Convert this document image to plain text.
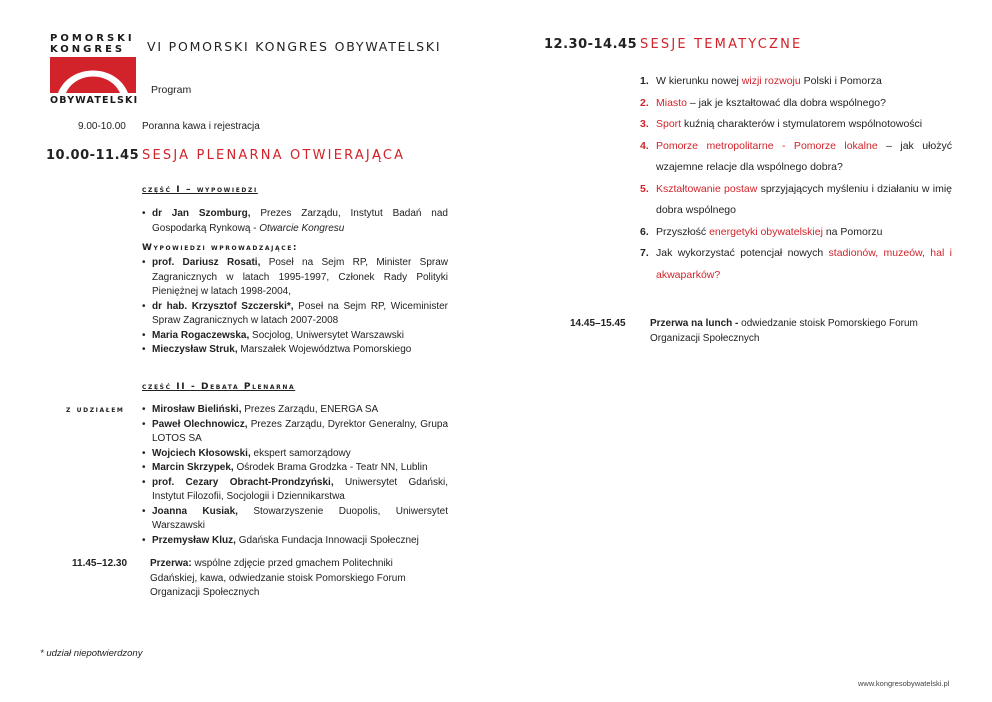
POMORSKI
KONGRES
OBYWATELSKI
VI POMORSKI KONGRES OBYWATELSKI
Program
9.00-10.00 Poranna kawa i rejestracja
10.00-11.45 SESJA PLENARNA OTWIERAJĄCA
część I – wypowiedzi
• dr Jan Szomburg, Prezes Zarządu, Instytut Badań nad Gospodarką Rynkową - Otwarcie Kongresu
Wypowiedzi wprowadzające:
• prof. Dariusz Rosati, Poseł na Sejm RP, Minister Spraw Zagranicznych w latach 1995-1997, Członek Rady Polityki Pieniężnej w latach 1998-2004,
• dr hab. Krzysztof Szczerski*, Poseł na Sejm RP, Wiceminister Spraw Zagranicznych w latach 2007-2008
• Maria Rogaczewska, Socjolog, Uniwersytet Warszawski
• Mieczysław Struk, Marszałek Województwa Pomorskiego
część II - Debata Plenarna
z udziałem
•	Mirosław Bieliński, Prezes Zarządu, ENERGA SA
• Paweł Olechnowicz, Prezes Zarządu, Dyrektor Generalny, Grupa LOTOS SA
• Wojciech Kłosowski, ekspert samorządowy
• Marcin Skrzypek, Ośrodek Brama Grodzka - Teatr NN, Lublin
• prof. Cezary Obracht-Prondzyński, Uniwersytet Gdański, Instytut Filozofii, Socjologii i Dziennikarstwa
• Joanna Kusiak, Stowarzyszenie Duopolis, Uniwersytet Warszawski
• Przemysław Kluz, Gdańska Fundacja Innowacji Społecznej
11.45–12.30 Przerwa: wspólne zdjęcie przed gmachem Politechniki Gdańskiej, kawa, odwiedzanie stoisk Pomorskiego Forum Organizacji Społecznych
12.30-14.45 SESJE TEMATYCZNE
1. W kierunku nowej wizji rozwoju Polski i Pomorza
2. Miasto – jak je kształtować dla dobra wspólnego?
3. Sport kuźnią charakterów i stymulatorem wspólnotowości
4. Pomorze metropolitarne - Pomorze lokalne – jak ułożyć wzajemne relacje dla wspólnego dobra?
5. Kształtowanie postaw sprzyjających myśleniu i działaniu w imię dobra wspólnego
6. Przyszłość energetyki obywatelskiej na Pomorzu
7. Jak wykorzystać potencjał nowych stadionów, muzeów, hal i akwaparków?
14.45–15.45 Przerwa na lunch - odwiedzanie stoisk Pomorskiego Forum Organizacji Społecznych
* udział niepotwierdzony
www.kongresobywatelski.pl
